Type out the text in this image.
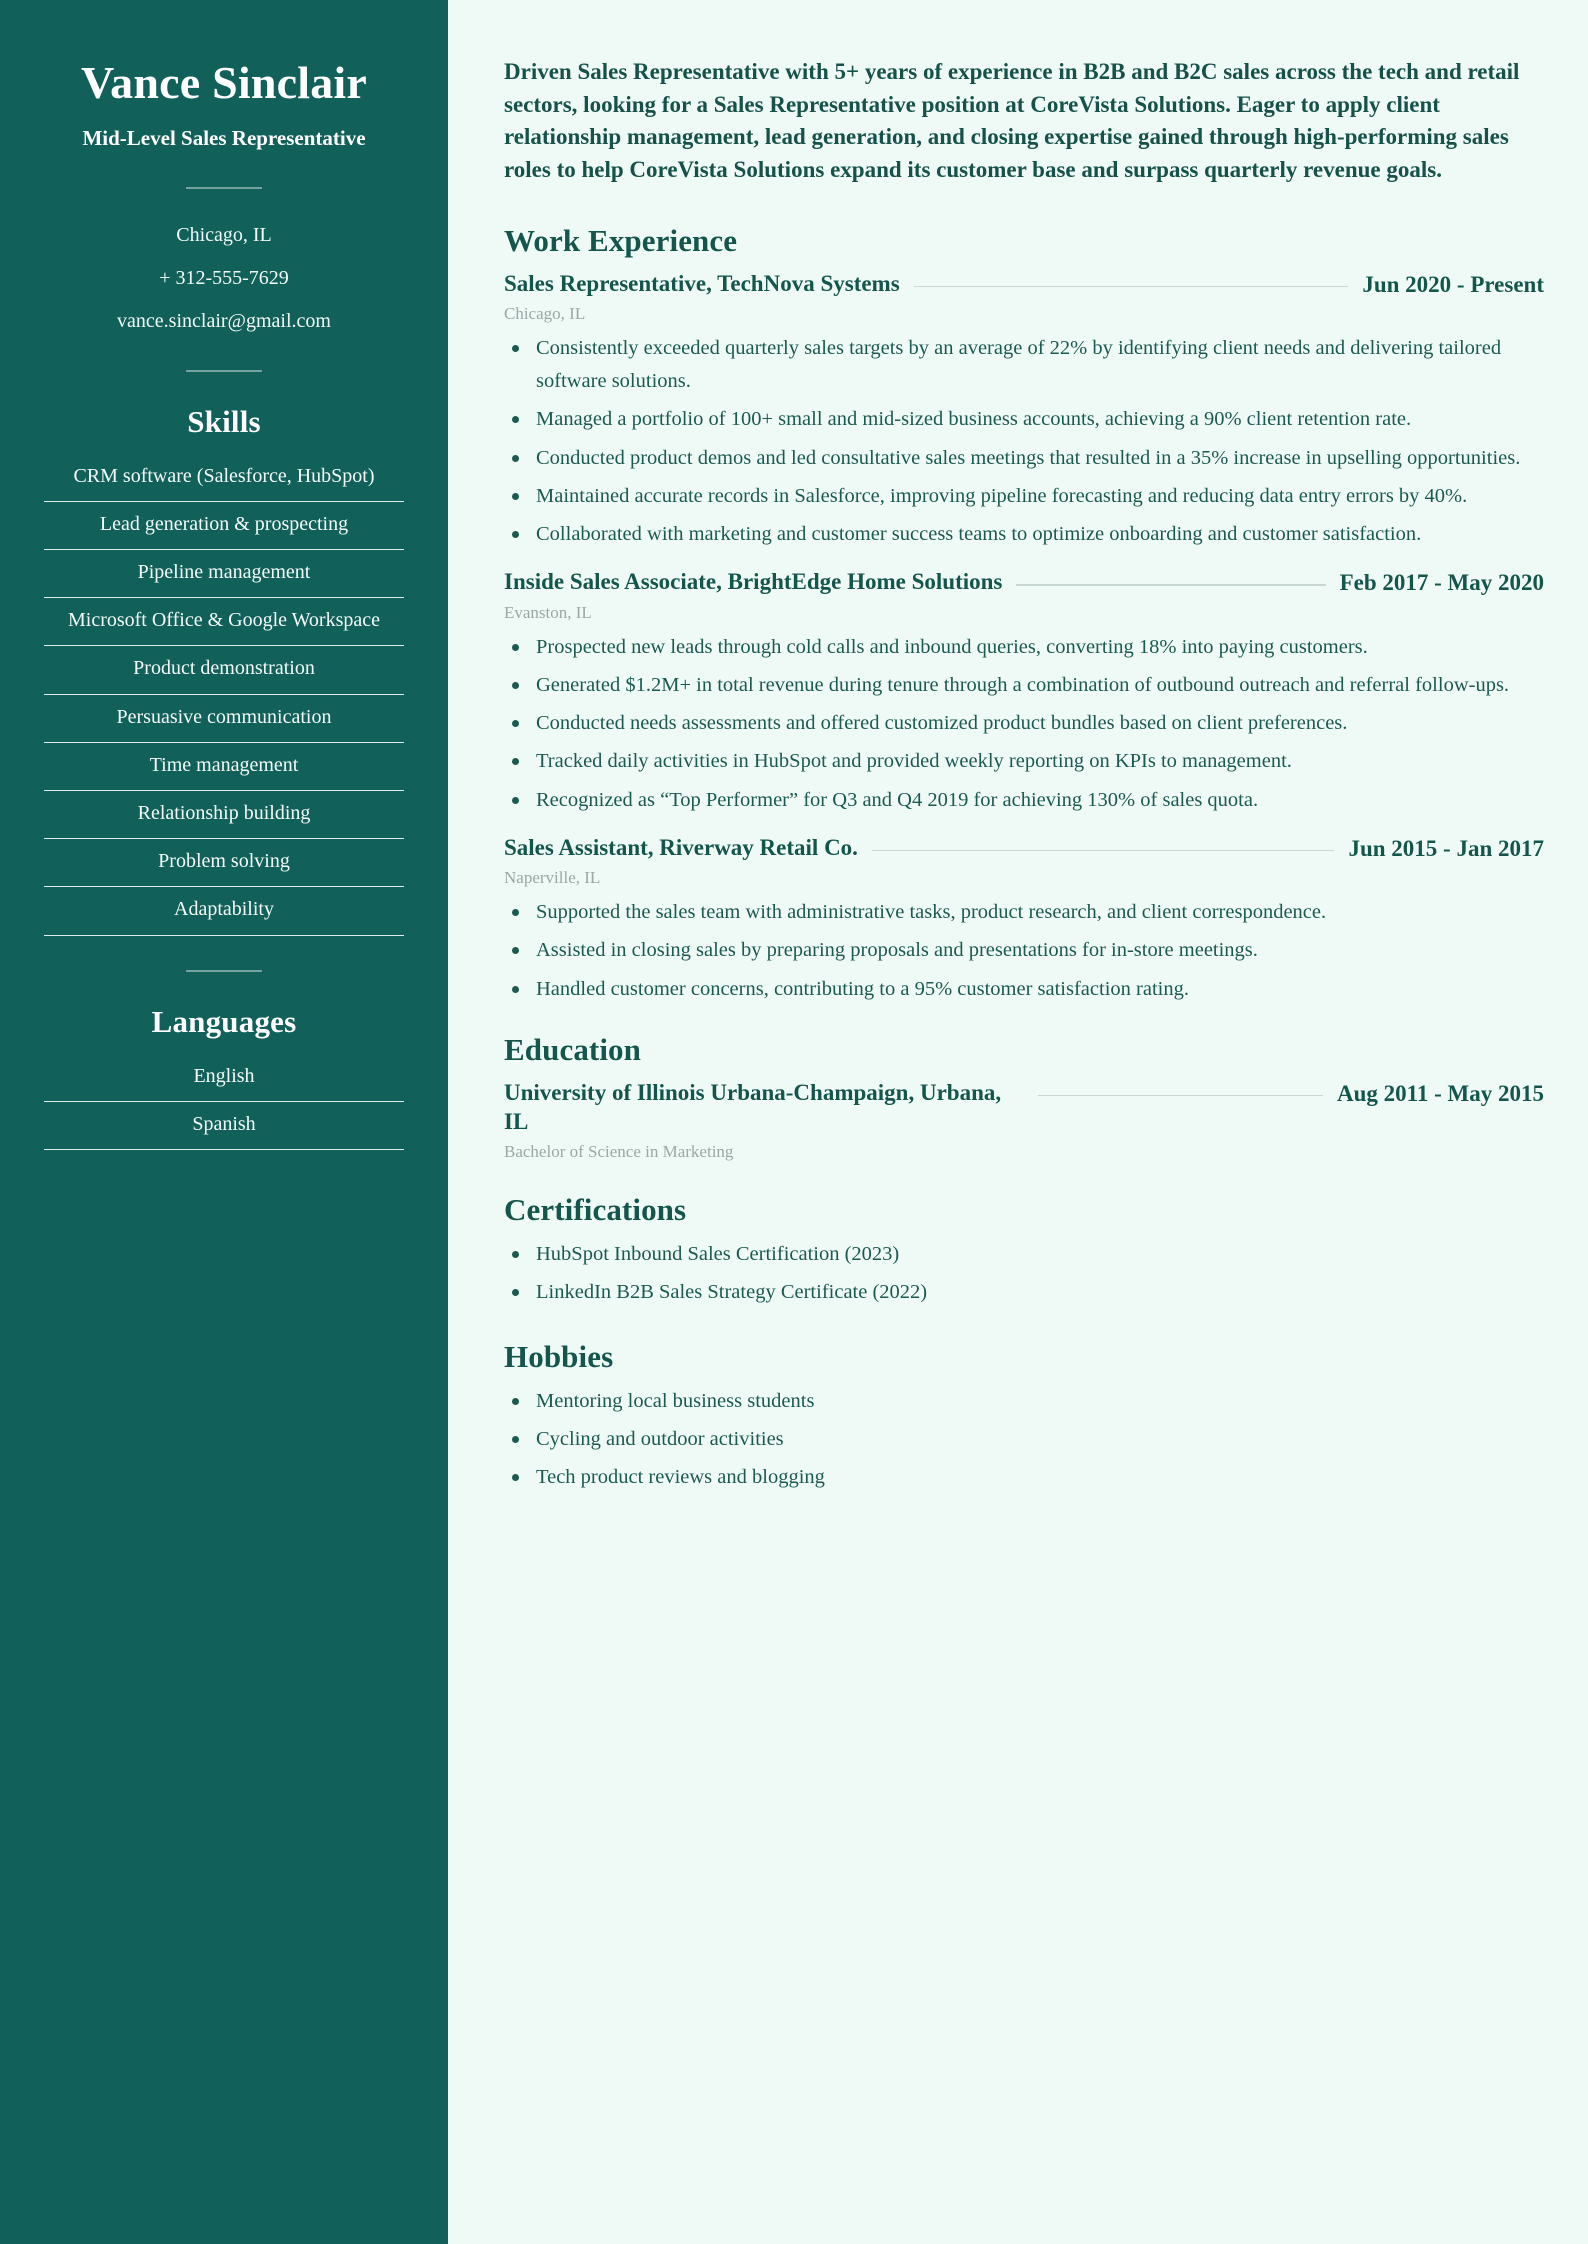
Vance Sinclair
Mid-Level Sales Representative
Chicago, IL
+ 312-555-7629
vance.sinclair@gmail.com
Skills
CRM software (Salesforce, HubSpot)
Lead generation & prospecting
Pipeline management
Microsoft Office & Google Workspace
Product demonstration
Persuasive communication
Time management
Relationship building
Problem solving
Adaptability
Languages
English
Spanish

Driven Sales Representative with 5+ years of experience in B2B and B2C sales across the tech and retail sectors, looking for a Sales Representative position at CoreVista Solutions. Eager to apply client relationship management, lead generation, and closing expertise gained through high-performing sales roles to help CoreVista Solutions expand its customer base and surpass quarterly revenue goals.

Work Experience
Sales Representative, TechNova Systems	Jun 2020 - Present
Chicago, IL
Consistently exceeded quarterly sales targets by an average of 22% by identifying client needs and delivering tailored software solutions.
Managed a portfolio of 100+ small and mid-sized business accounts, achieving a 90% client retention rate.
Conducted product demos and led consultative sales meetings that resulted in a 35% increase in upselling opportunities.
Maintained accurate records in Salesforce, improving pipeline forecasting and reducing data entry errors by 40%.
Collaborated with marketing and customer success teams to optimize onboarding and customer satisfaction.
Inside Sales Associate, BrightEdge Home Solutions	Feb 2017 - May 2020
Evanston, IL
Prospected new leads through cold calls and inbound queries, converting 18% into paying customers.
Generated $1.2M+ in total revenue during tenure through a combination of outbound outreach and referral follow-ups.
Conducted needs assessments and offered customized product bundles based on client preferences.
Tracked daily activities in HubSpot and provided weekly reporting on KPIs to management.
Recognized as “Top Performer” for Q3 and Q4 2019 for achieving 130% of sales quota.
Sales Assistant, Riverway Retail Co.	Jun 2015 - Jan 2017
Naperville, IL
Supported the sales team with administrative tasks, product research, and client correspondence.
Assisted in closing sales by preparing proposals and presentations for in-store meetings.
Handled customer concerns, contributing to a 95% customer satisfaction rating.
Education
University of Illinois Urbana-Champaign, Urbana, IL
Aug 2011 - May 2015
Bachelor of Science in Marketing
Certifications
HubSpot Inbound Sales Certification (2023)
LinkedIn B2B Sales Strategy Certificate (2022)
Hobbies
Mentoring local business students
Cycling and outdoor activities
Tech product reviews and blogging
